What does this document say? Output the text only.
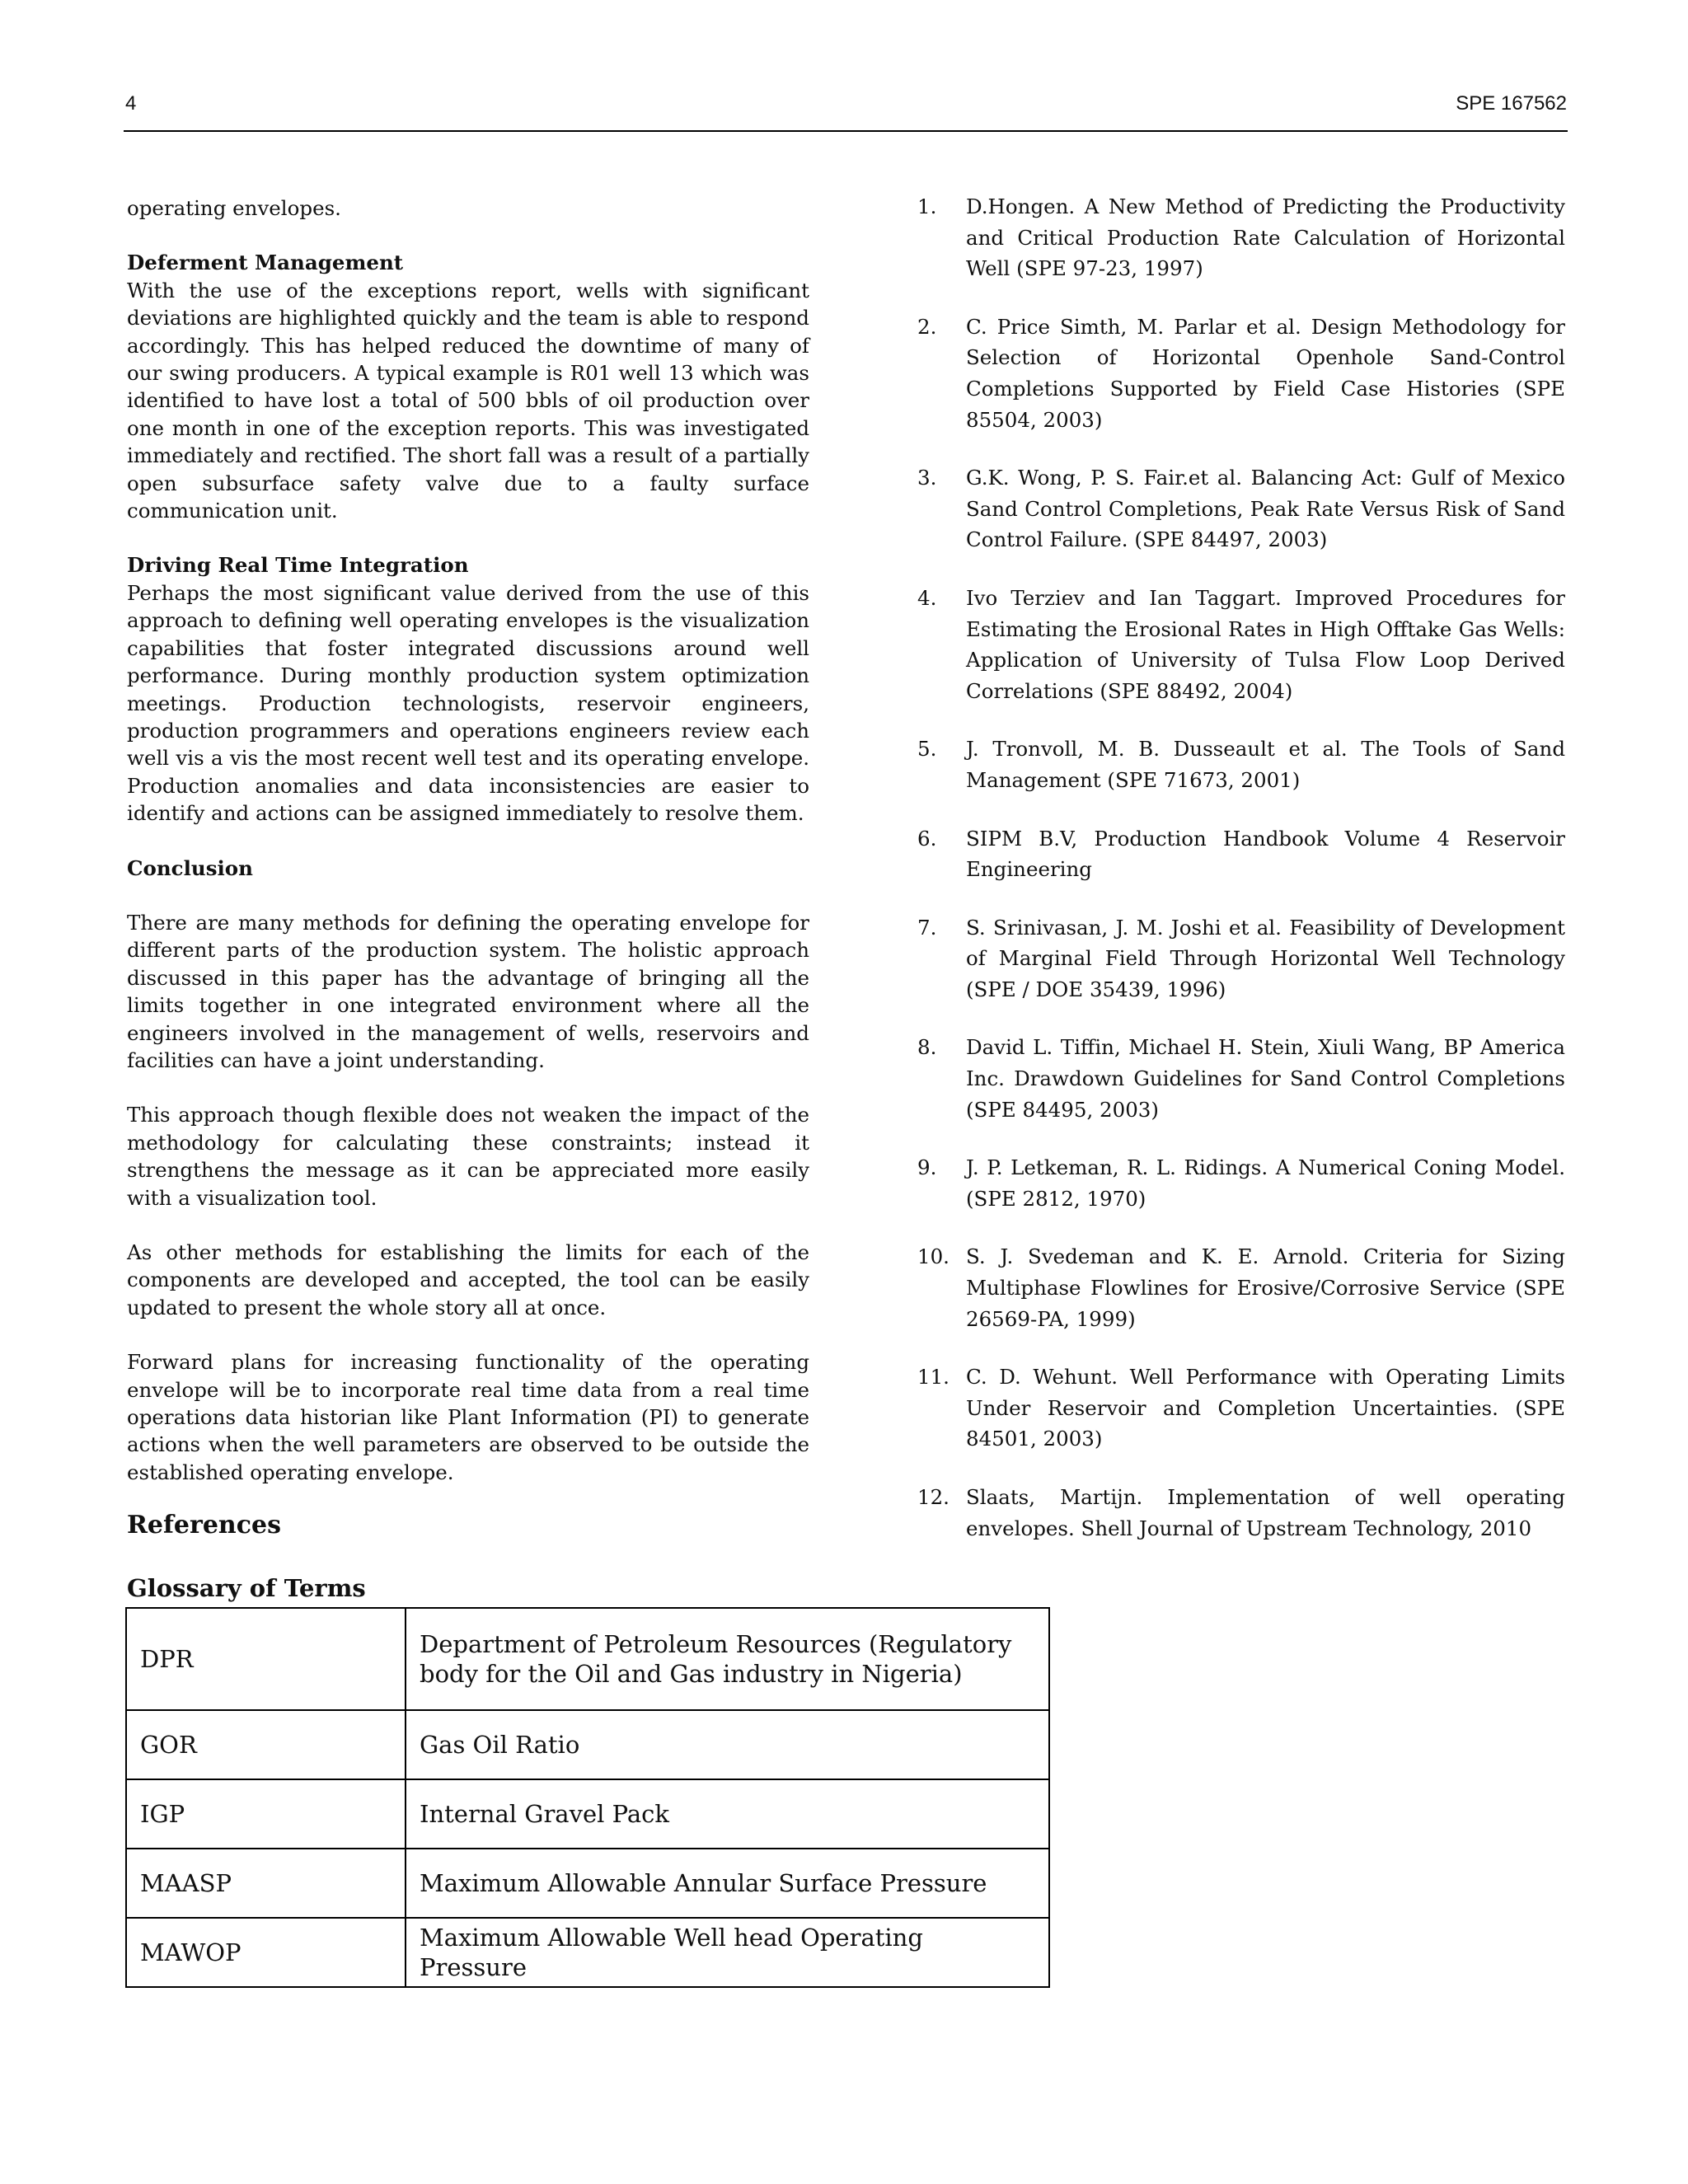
4	SPE 167562

operating envelopes.

Deferment Management

With the use of the exceptions report, wells with significant deviations are highlighted quickly and the team is able to respond accordingly. This has helped reduced the downtime of many of our swing producers. A typical example is R01 well 13 which was identified to have lost a total of 500 bbls of oil production over one month in one of the exception reports. This was investigated immediately and rectified. The short fall was a result of a partially open subsurface safety valve due to a faulty surface communication unit.

Driving Real Time Integration

Perhaps the most significant value derived from the use of this approach to defining well operating envelopes is the visualization capabilities that foster integrated discussions around well performance. During monthly production system optimization meetings. Production technologists, reservoir engineers, production programmers and operations engineers review each well vis a vis the most recent well test and its operating envelope. Production anomalies and data inconsistencies are easier to identify and actions can be assigned immediately to resolve them.

Conclusion

There are many methods for defining the operating envelope for different parts of the production system. The holistic approach discussed in this paper has the advantage of bringing all the limits together in one integrated environment where all the engineers involved in the management of wells, reservoirs and facilities can have a joint understanding.

This approach though flexible does not weaken the impact of the methodology for calculating these constraints; instead it strengthens the message as it can be appreciated more easily with a visualization tool.

As other methods for establishing the limits for each of the components are developed and accepted, the tool can be easily updated to present the whole story all at once.

Forward plans for increasing functionality of the operating envelope will be to incorporate real time data from a real time operations data historian like Plant Information (PI) to generate actions when the well parameters are observed to be outside the established operating envelope.

References
Glossary of Terms
DPR	Department of Petroleum Resources (Regulatory body for the Oil and Gas industry in Nigeria)
GOR	Gas Oil Ratio
IGP	Internal Gravel Pack
MAASP	Maximum Allowable Annular Surface Pressure
MAWOP	Maximum Allowable Well head Operating Pressure
1.	D.Hongen. A New Method of Predicting the Productivity and Critical Production Rate Calculation of Horizontal Well (SPE 97-23, 1997)
2.	C. Price Simth, M. Parlar et al. Design Methodology for Selection of Horizontal Openhole Sand-Control Completions Supported by Field Case Histories (SPE 85504, 2003)
3.	G.K. Wong, P. S. Fair.et al. Balancing Act: Gulf of Mexico Sand Control Completions, Peak Rate Versus Risk of Sand Control Failure. (SPE 84497, 2003)
4.	Ivo Terziev and Ian Taggart. Improved Procedures for Estimating the Erosional Rates in High Offtake Gas Wells: Application of University of Tulsa Flow Loop Derived Correlations (SPE 88492, 2004)
5.	J. Tronvoll, M. B. Dusseault et al. The Tools of Sand Management (SPE 71673, 2001)
6.	SIPM B.V, Production Handbook Volume 4 Reservoir Engineering
7.	S. Srinivasan, J. M. Joshi et al. Feasibility of Development of Marginal Field Through Horizontal Well Technology (SPE / DOE 35439, 1996)
8.	David L. Tiffin, Michael H. Stein, Xiuli Wang, BP America Inc. Drawdown Guidelines for Sand Control Completions (SPE 84495, 2003)
9.	J. P. Letkeman, R. L. Ridings. A Numerical Coning Model. (SPE 2812, 1970)
10. S. J. Svedeman and K. E. Arnold. Criteria for Sizing Multiphase Flowlines for Erosive/Corrosive Service (SPE 26569-PA, 1999)
11. C. D. Wehunt. Well Performance with Operating Limits Under Reservoir and Completion Uncertainties. (SPE 84501, 2003)
12. Slaats, Martijn. Implementation of well operating envelopes. Shell Journal of Upstream Technology, 2010
